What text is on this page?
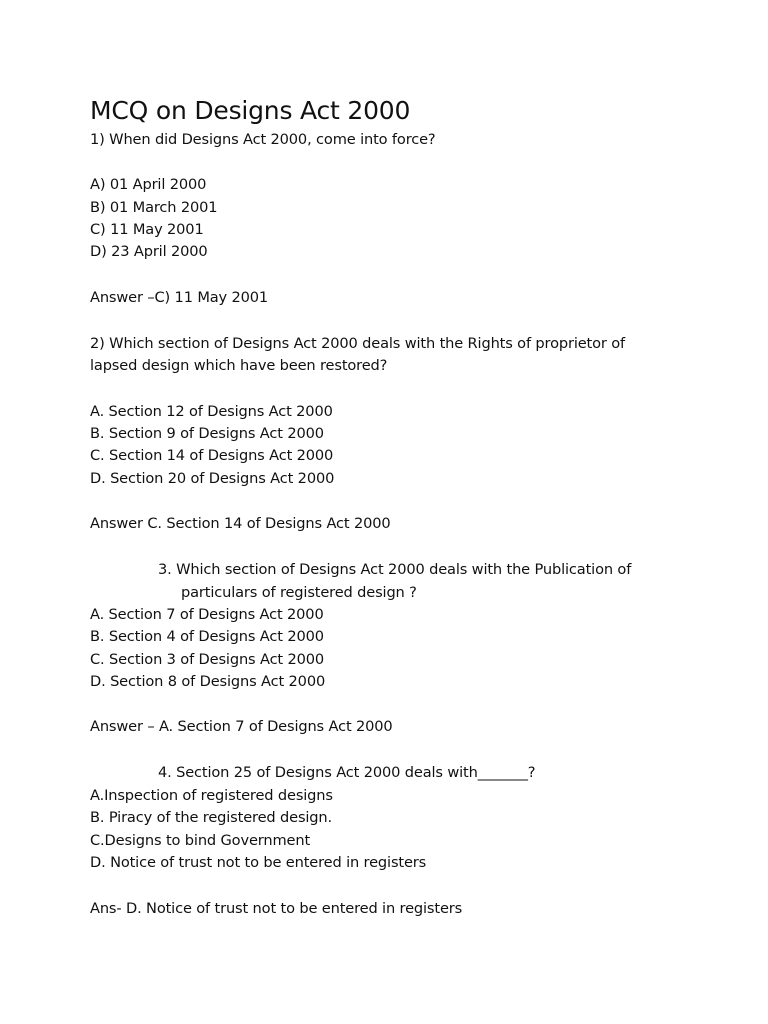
MCQ on Designs Act 2000
1) When did Designs Act 2000, come into force?
A) 01 April 2000
B) 01 March 2001
C) 11 May 2001
D) 23 April 2000
Answer –C) 11 May 2001
2) Which section of Designs Act 2000 deals with the Rights of proprietor of
lapsed design which have been restored?
A. Section 12 of Designs Act 2000
B. Section 9 of Designs Act 2000
C. Section 14 of Designs Act 2000
D. Section 20 of Designs Act 2000
Answer C. Section 14 of Designs Act 2000
3. Which section of Designs Act 2000 deals with the Publication of
particulars of registered design ?
A. Section 7 of Designs Act 2000
B. Section 4 of Designs Act 2000
C. Section 3 of Designs Act 2000
D. Section 8 of Designs Act 2000
Answer – A. Section 7 of Designs Act 2000
4. Section 25 of Designs Act 2000 deals with_______?
A.Inspection of registered designs
B. Piracy of the registered design.
C.Designs to bind Government
D. Notice of trust not to be entered in registers
Ans- D. Notice of trust not to be entered in registers
